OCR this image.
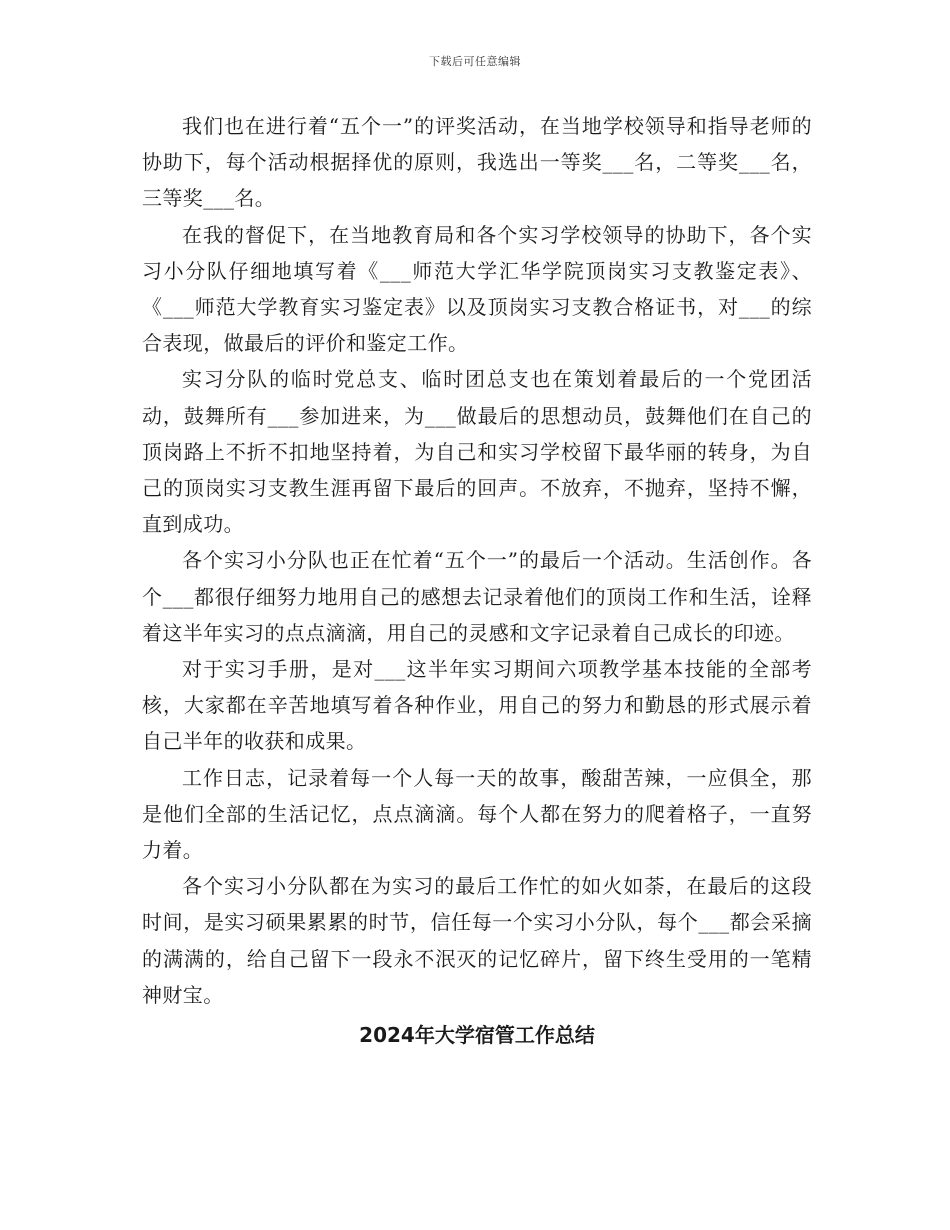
下载后可任意编辑

我们也在进行着“五个一”的评奖活动，在当地学校领导和指导老师的协助下，每个活动根据择优的原则，我选出一等奖___名，二等奖___名，三等奖___名。

在我的督促下，在当地教育局和各个实习学校领导的协助下，各个实习小分队仔细地填写着《___师范大学汇华学院顶岗实习支教鉴定表》、《___师范大学教育实习鉴定表》以及顶岗实习支教合格证书，对___的综合表现，做最后的评价和鉴定工作。

实习分队的临时党总支、临时团总支也在策划着最后的一个党团活动，鼓舞所有___参加进来，为___做最后的思想动员，鼓舞他们在自己的顶岗路上不折不扣地坚持着，为自己和实习学校留下最华丽的转身，为自己的顶岗实习支教生涯再留下最后的回声。不放弃，不抛弃，坚持不懈，直到成功。

各个实习小分队也正在忙着“五个一”的最后一个活动。生活创作。各个___都很仔细努力地用自己的感想去记录着他们的顶岗工作和生活，诠释着这半年实习的点点滴滴，用自己的灵感和文字记录着自己成长的印迹。

对于实习手册，是对___这半年实习期间六项教学基本技能的全部考核，大家都在辛苦地填写着各种作业，用自己的努力和勤恳的形式展示着自己半年的收获和成果。

工作日志，记录着每一个人每一天的故事，酸甜苦辣，一应俱全，那是他们全部的生活记忆，点点滴滴。每个人都在努力的爬着格子，一直努力着。

各个实习小分队都在为实习的最后工作忙的如火如荼，在最后的这段时间，是实习硕果累累的时节，信任每一个实习小分队，每个___都会采摘的满满的，给自己留下一段永不泯灭的记忆碎片，留下终生受用的一笔精神财宝。

2024年大学宿管工作总结
